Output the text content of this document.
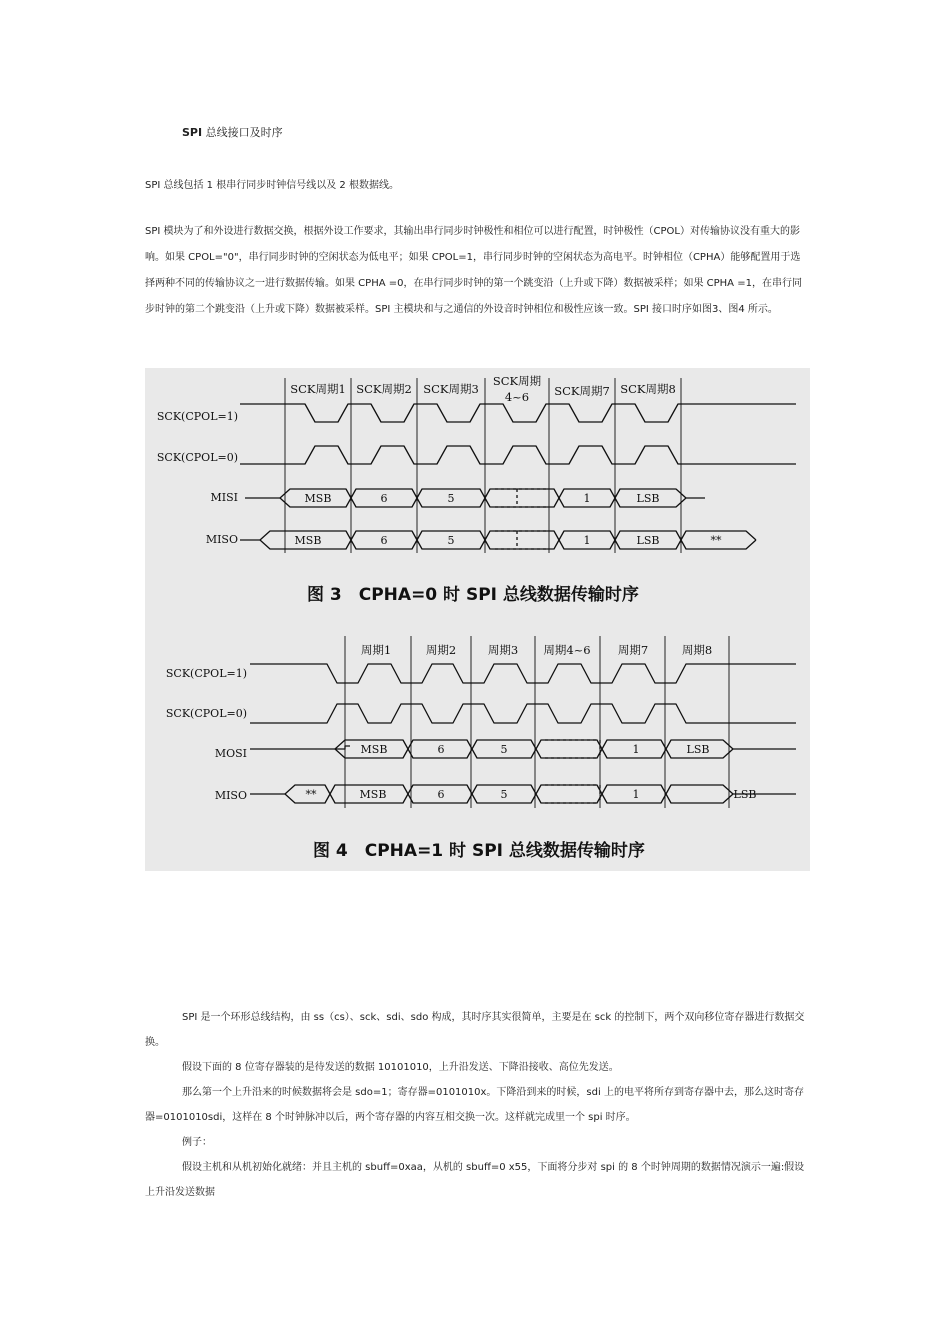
SPI 总线接口及时序
SPI 总线包括 1 根串行同步时钟信号线以及 2 根数据线。
SPI 模块为了和外设进行数据交换，根据外设工作要求，其输出串行同步时钟极性和相位可以进行配置，时钟极性（CPOL）对传输协议没有重大的影响。如果 CPOL="0"，串行同步时钟的空闲状态为低电平；如果 CPOL=1，串行同步时钟的空闲状态为高电平。时钟相位（CPHA）能够配置用于选择两种不同的传输协议之一进行数据传输。如果 CPHA =0，在串行同步时钟的第一个跳变沿（上升或下降）数据被采样；如果 CPHA =1，在串行同步时钟的第二个跳变沿（上升或下降）数据被采样。SPI 主模块和与之通信的外设音时钟相位和极性应该一致。SPI 接口时序如图3、图4 所示。
SCK周期1 SCK周期2 SCK周期3
SCK周期
4~6 SCK周期7 SCK周期8
SCK(CPOL=1)
SCK(CPOL=0)
MISI
MISO
MSB	6	5	1	LSB
MSB	6	5	1	LSB	**
图 3　CPHA=0 时 SPI 总线数据传输时序
周期1	周期2	周期3 周期4~6 周期7	周期8
SCK(CPOL=1)
SCK(CPOL=0)
MOSI
MISO
MSB	6	5	1	LSB
**	MSB	6	5	1	LSB
图 4　CPHA=1 时 SPI 总线数据传输时序

SPI 是一个环形总线结构，由 ss（cs）、sck、sdi、sdo 构成，其时序其实很简单，主要是在 sck 的控制下，两个双向移位寄存器进行数据交换。

假设下面的 8 位寄存器装的是待发送的数据 10101010，上升沿发送、下降沿接收、高位先发送。

那么第一个上升沿来的时候数据将会是 sdo=1；寄存器=0101010x。下降沿到来的时候，sdi 上的电平将所存到寄存器中去，那么这时寄存器=0101010sdi，这样在 8 个时钟脉冲以后，两个寄存器的内容互相交换一次。这样就完成里一个 spi 时序。

例子：

假设主机和从机初始化就绪：并且主机的 sbuff=0xaa，从机的 sbuff=0 x55，下面将分步对 spi 的 8 个时钟周期的数据情况演示一遍:假设上升沿发送数据
